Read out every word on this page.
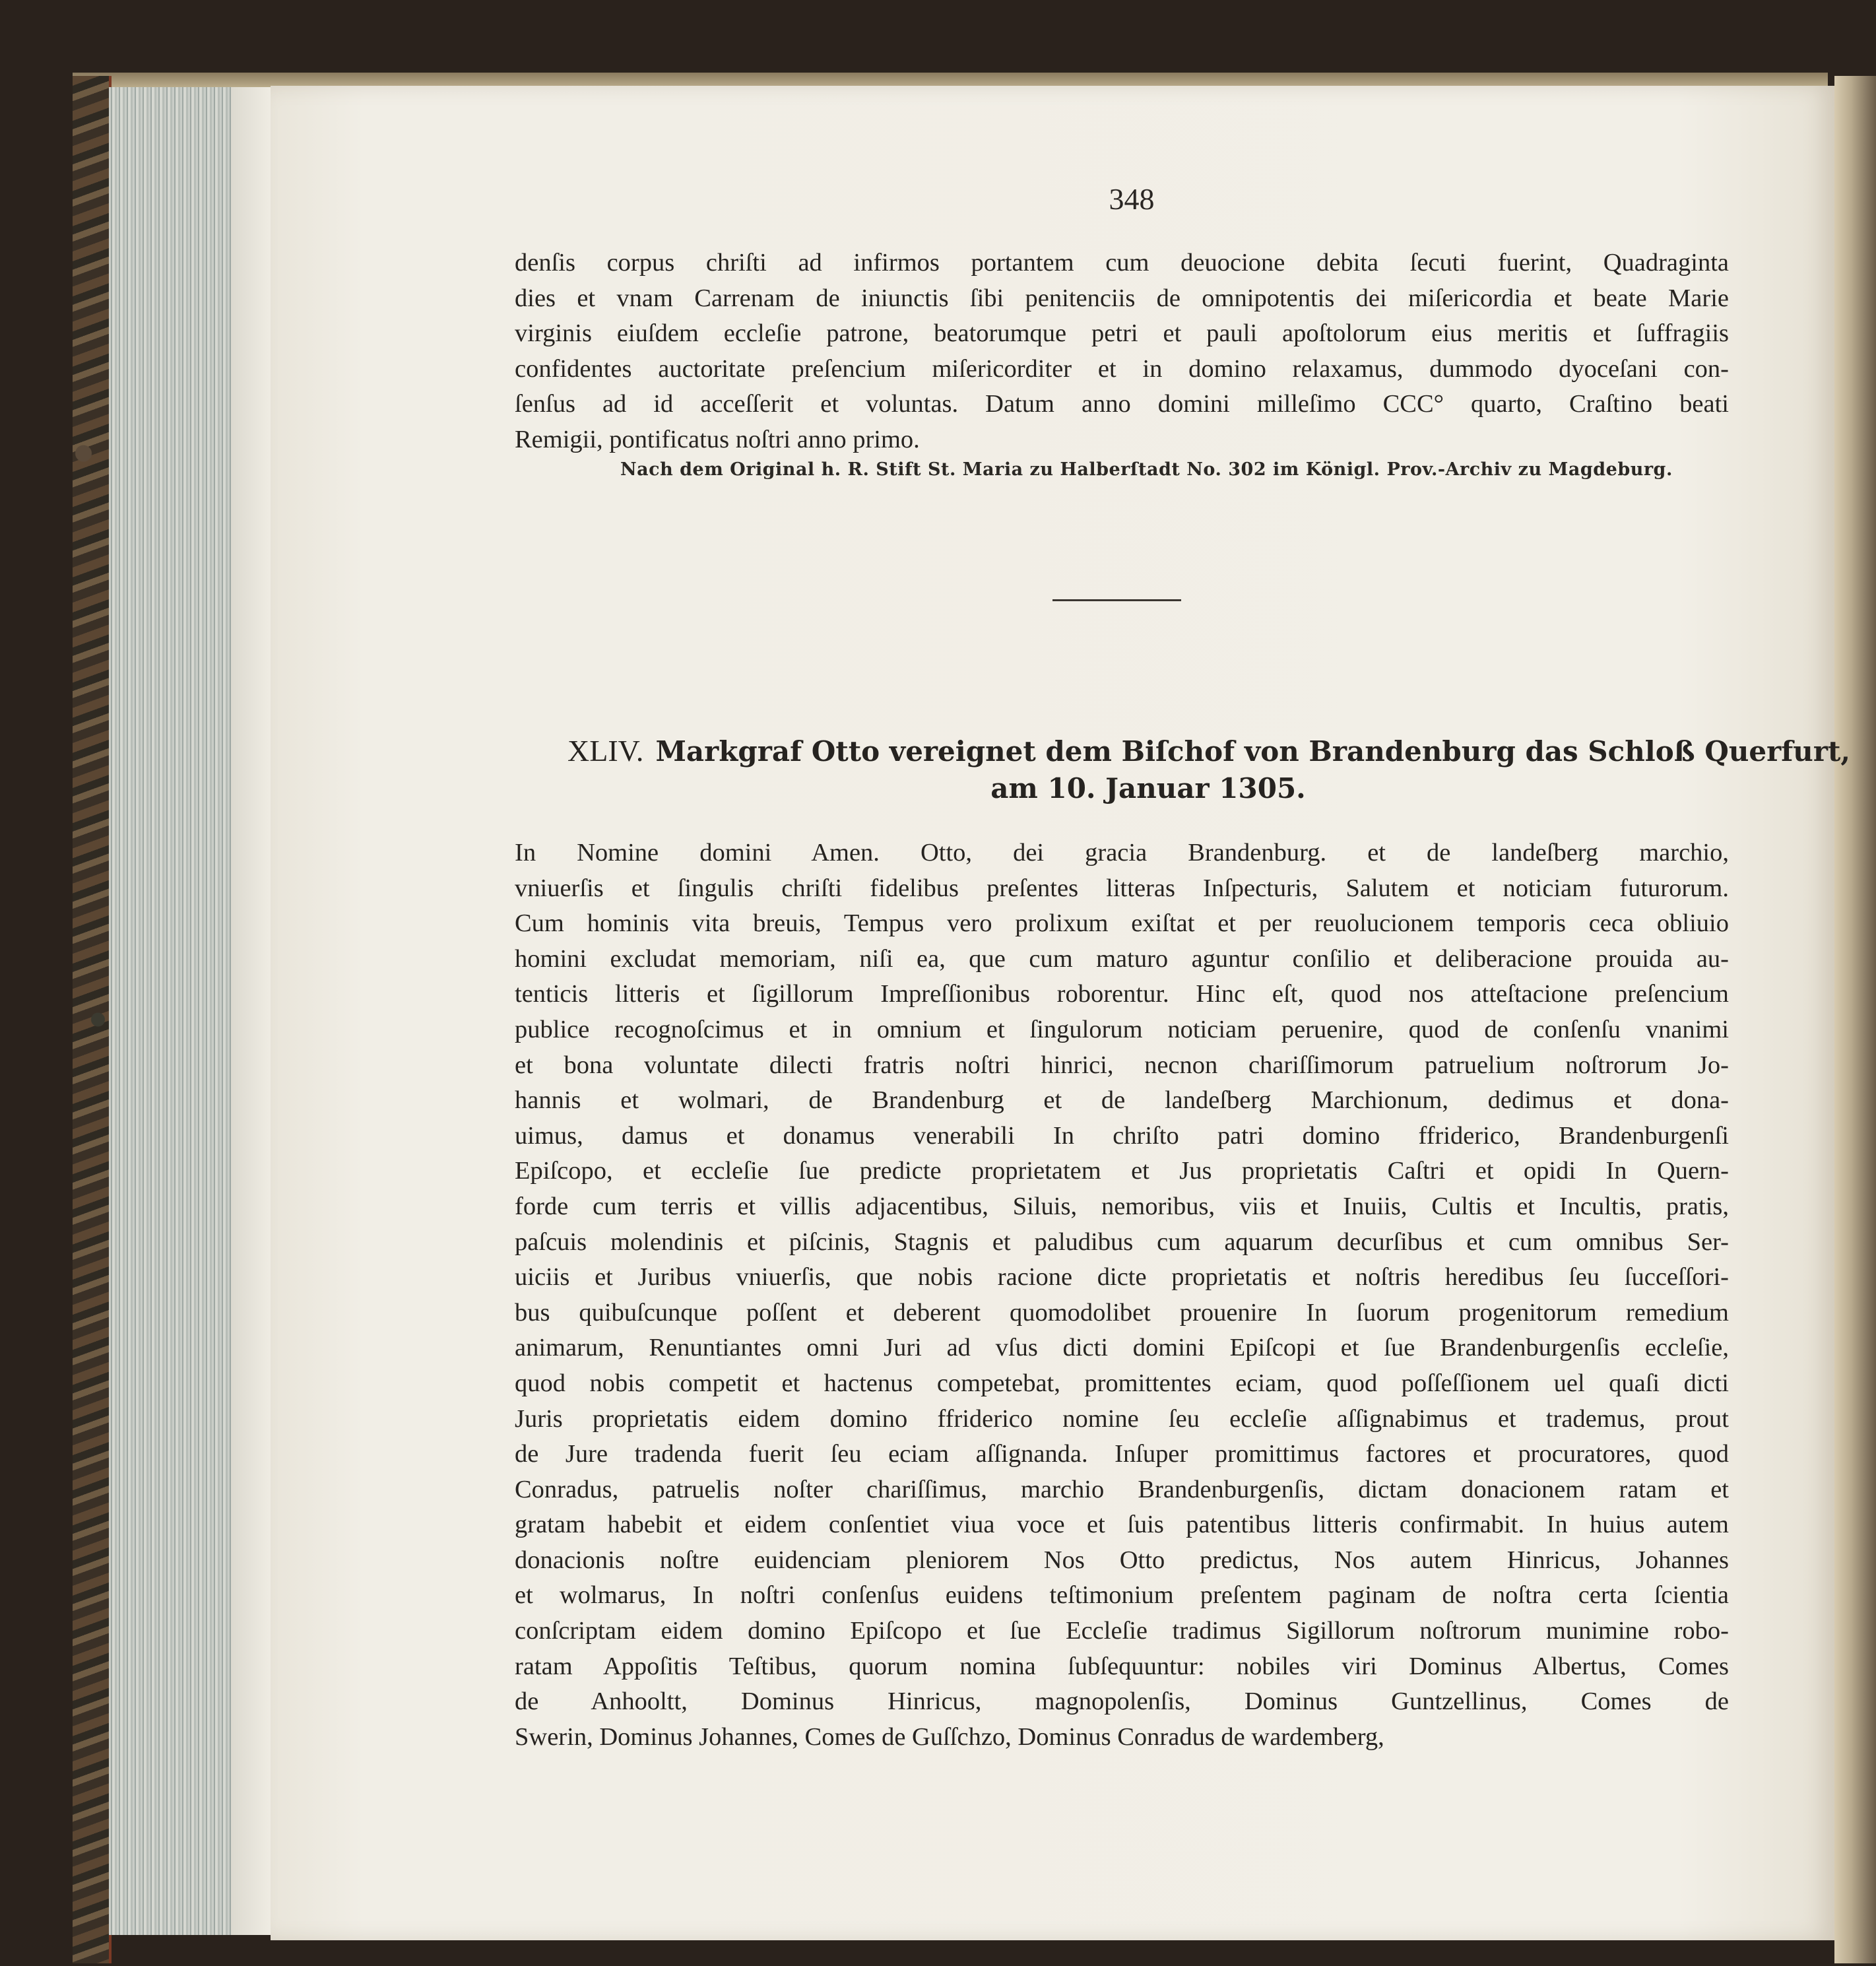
348

denſis corpus chriſti ad infirmos portantem cum deuocione debita ſecuti fuerint, Quadraginta
dies et vnam Carrenam de iniunctis ſibi penitenciis de omnipotentis dei miſericordia et beate Marie
virginis eiuſdem eccleſie patrone, beatorumque petri et pauli apoſtolorum eius meritis et ſuffragiis
confidentes auctoritate preſencium miſericorditer et in domino relaxamus, dummodo dyoceſani con-
ſenſus ad id acceſſerit et voluntas. Datum anno domini milleſimo CCC° quarto, Craſtino beati
Remigii, pontificatus noſtri anno primo.

Nach dem Original h. R. Stift St. Maria zu Halberſtadt No. 302 im Königl. Prov.-Archiv zu Magdeburg.
XLIV. Markgraf Otto vereignet dem Biſchof von Brandenburg das Schloß Querfurt,
am 10. Januar 1305.

In Nomine domini Amen. Otto, dei gracia Brandenburg. et de landeſberg marchio,
vniuerſis et ſingulis chriſti fidelibus preſentes litteras Inſpecturis, Salutem et noticiam futurorum.
Cum hominis vita breuis, Tempus vero prolixum exiſtat et per reuolucionem temporis ceca obliuio
homini excludat memoriam, niſi ea, que cum maturo aguntur conſilio et deliberacione prouida au-
tenticis litteris et ſigillorum Impreſſionibus roborentur. Hinc eſt, quod nos atteſtacione preſencium
publice recognoſcimus et in omnium et ſingulorum noticiam peruenire, quod de conſenſu vnanimi
et bona voluntate dilecti fratris noſtri hinrici, necnon chariſſimorum patruelium noſtrorum Jo-
hannis et wolmari, de Brandenburg et de landeſberg Marchionum, dedimus et dona-
uimus, damus et donamus venerabili In chriſto patri domino ffriderico, Brandenburgenſi
Epiſcopo, et eccleſie ſue predicte proprietatem et Jus proprietatis Caſtri et opidi In Quern-
forde cum terris et villis adjacentibus, Siluis, nemoribus, viis et Inuiis, Cultis et Incultis, pratis,
paſcuis molendinis et piſcinis, Stagnis et paludibus cum aquarum decurſibus et cum omnibus Ser-
uiciis et Juribus vniuerſis, que nobis racione dicte proprietatis et noſtris heredibus ſeu ſucceſſori-
bus quibuſcunque poſſent et deberent quomodolibet prouenire In ſuorum progenitorum remedium
animarum, Renuntiantes omni Juri ad vſus dicti domini Epiſcopi et ſue Brandenburgenſis eccleſie,
quod nobis competit et hactenus competebat, promittentes eciam, quod poſſeſſionem uel quaſi dicti
Juris proprietatis eidem domino ffriderico nomine ſeu eccleſie aſſignabimus et trademus, prout
de Jure tradenda fuerit ſeu eciam aſſignanda. Inſuper promittimus factores et procuratores, quod
Conradus, patruelis noſter chariſſimus, marchio Brandenburgenſis, dictam donacionem ratam et
gratam habebit et eidem conſentiet viua voce et ſuis patentibus litteris confirmabit. In huius autem
donacionis noſtre euidenciam pleniorem Nos Otto predictus, Nos autem Hinricus, Johannes
et wolmarus, In noſtri conſenſus euidens teſtimonium preſentem paginam de noſtra certa ſcientia
conſcriptam eidem domino Epiſcopo et ſue Eccleſie tradimus Sigillorum noſtrorum munimine robo-
ratam Appoſitis Teſtibus, quorum nomina ſubſequuntur: nobiles viri Dominus Albertus, Comes
de Anhooltt, Dominus Hinricus, magnopolenſis, Dominus Guntzellinus, Comes de
Swerin, Dominus Johannes, Comes de Guſſchzo, Dominus Conradus de wardemberg,
